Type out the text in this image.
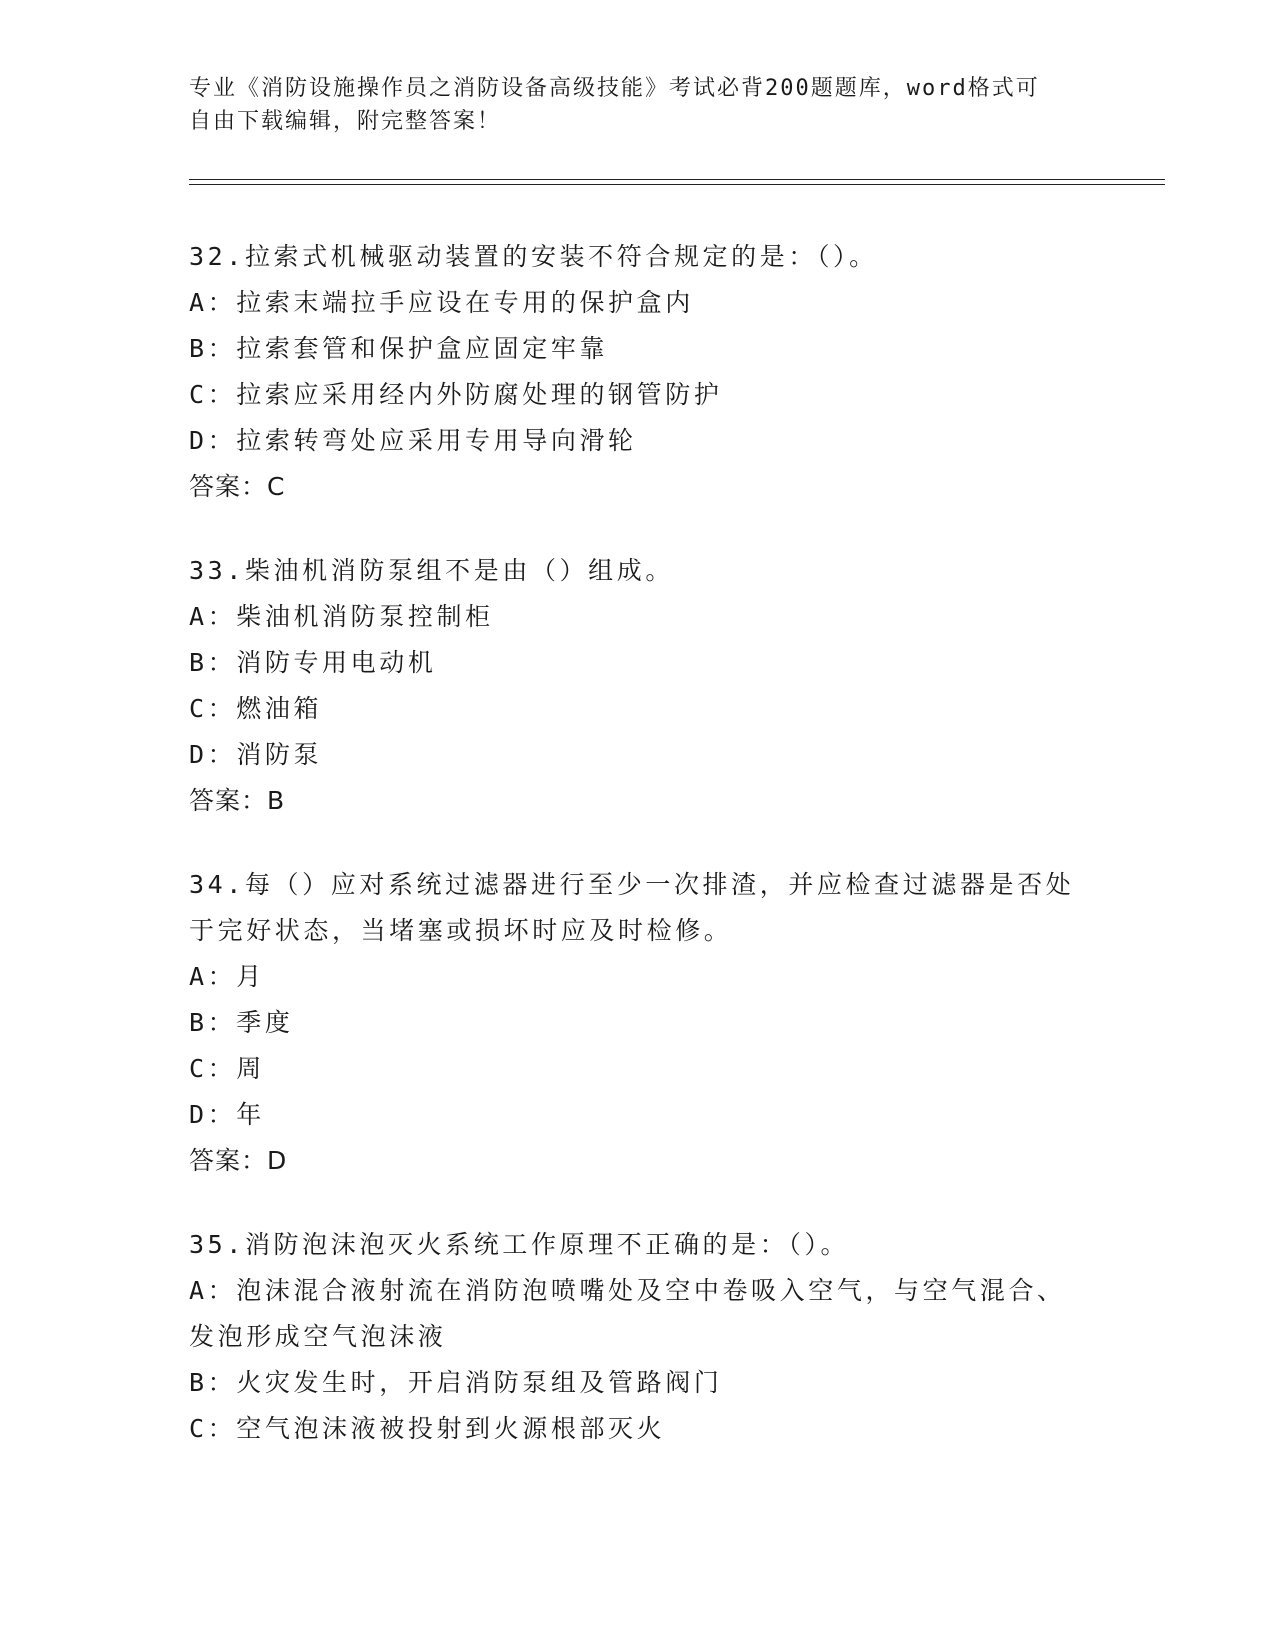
专业《消防设施操作员之消防设备高级技能》考试必背200题题库，word格式可
自由下载编辑，附完整答案！
32.拉索式机械驱动装置的安装不符合规定的是：（）。
A：拉索末端拉手应设在专用的保护盒内
B：拉索套管和保护盒应固定牢靠
C：拉索应采用经内外防腐处理的钢管防护
D：拉索转弯处应采用专用导向滑轮
答案：C
33.柴油机消防泵组不是由（）组成。
A：柴油机消防泵控制柜
B：消防专用电动机
C：燃油箱
D：消防泵
答案：B
34.每（）应对系统过滤器进行至少一次排渣，并应检查过滤器是否处
于完好状态，当堵塞或损坏时应及时检修。
A：月
B：季度
C：周
D：年
答案：D
35.消防泡沫泡灭火系统工作原理不正确的是：（）。
A：泡沫混合液射流在消防泡喷嘴处及空中卷吸入空气，与空气混合、
发泡形成空气泡沫液
B：火灾发生时，开启消防泵组及管路阀门
C：空气泡沫液被投射到火源根部灭火
